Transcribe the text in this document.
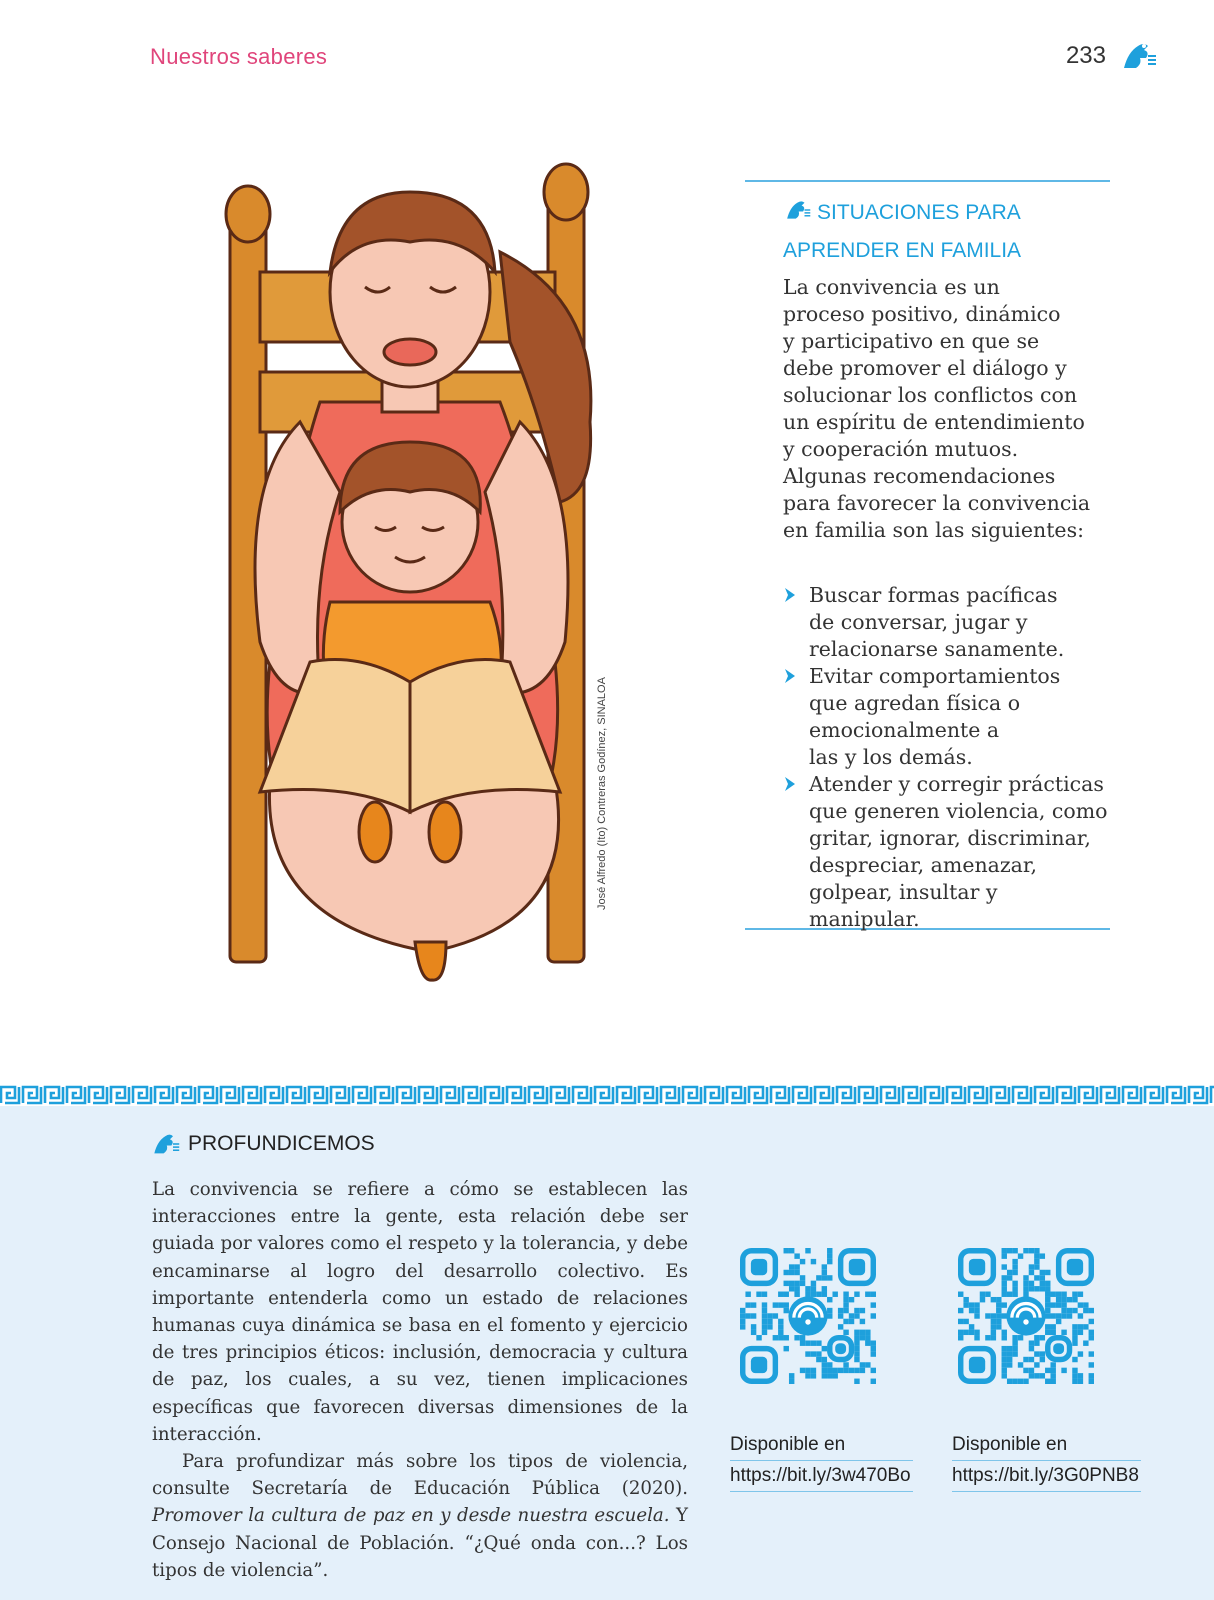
Nuestros saberes	233
José Alfredo (Ito) Contreras Godínez, SINALOA
SITUACIONES PARA
APRENDER EN FAMILIA
La convivencia es un
proceso positivo, dinámico
y participativo en que se
debe promover el diálogo y
solucionar los conflictos con
un espíritu de entendimiento
y cooperación mutuos.
Algunas recomendaciones
para favorecer la convivencia
en familia son las siguientes:
Buscar formas pacíficas
de conversar, jugar y
relacionarse sanamente.
Evitar comportamientos
que agredan física o
emocionalmente a
las y los demás.
Atender y corregir prácticas
que generen violencia, como
gritar, ignorar, discriminar,
despreciar, amenazar,
golpear, insultar y manipular.
PROFUNDICEMOS

La convivencia se refiere a cómo se establecen las interacciones entre la gente, esta relación debe ser guiada por valores como el respeto y la tolerancia, y debe encaminarse al logro del desarrollo colectivo. Es importante entenderla como un estado de relaciones humanas cuya dinámica se basa en el fomento y ejercicio de tres principios éticos: inclusión, democracia y cultura de paz, los cuales, a su vez, tienen implicaciones específicas que favorecen diversas dimensiones de la interacción.

Para profundizar más sobre los tipos de violencia, consulte Secretaría de Educación Pública (2020). Promover la cultura de paz en y desde nuestra escuela. Y Consejo Nacional de Población. “¿Qué onda con...? Los tipos de violencia”.

Disponible en
https://bit.ly/3w470Bo
Disponible en
https://bit.ly/3G0PNB8
